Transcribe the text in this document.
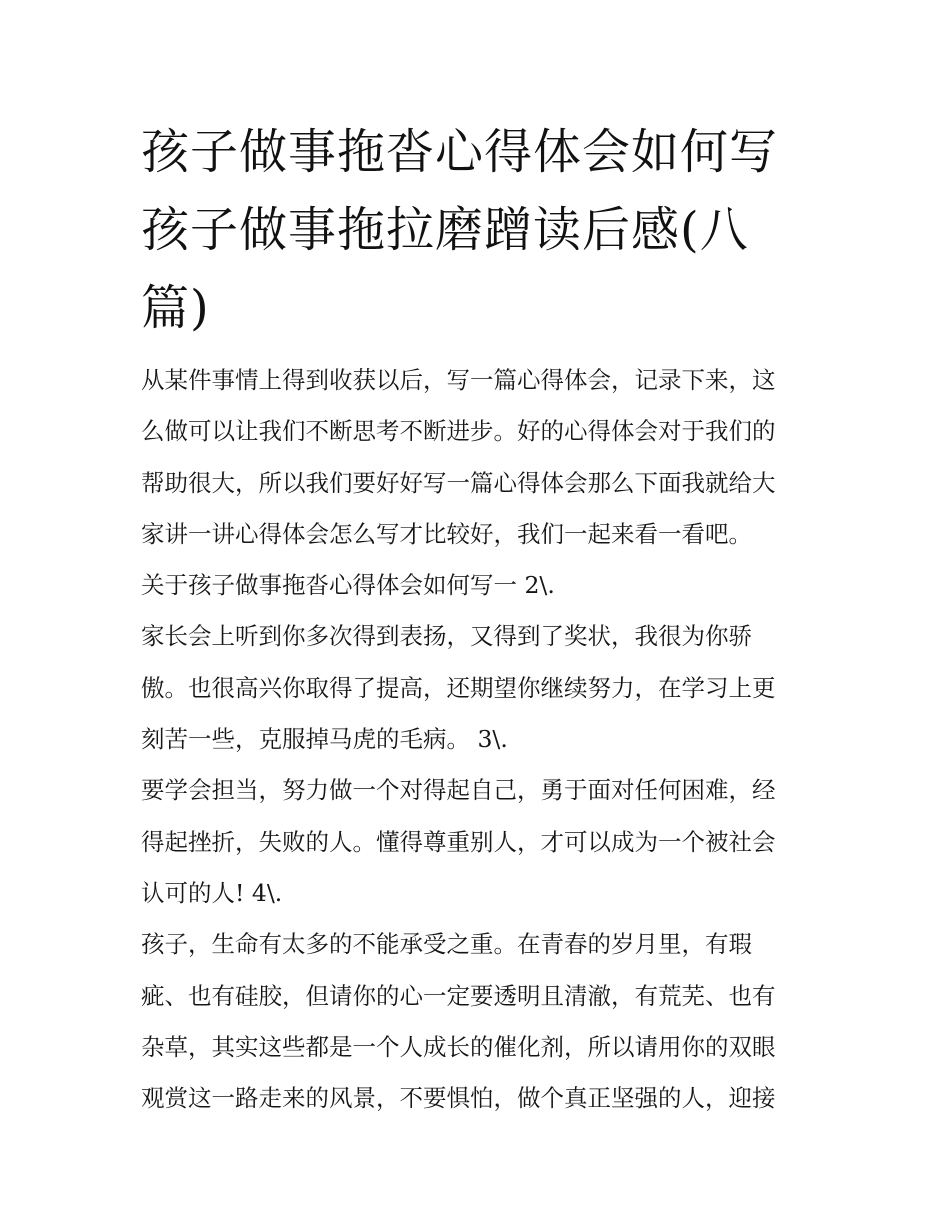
孩子做事拖沓心得体会如何写
孩子做事拖拉磨蹭读后感(八
篇)
从某件事情上得到收获以后，写一篇心得体会，记录下来，这
么做可以让我们不断思考不断进步。好的心得体会对于我们的
帮助很大，所以我们要好好写一篇心得体会那么下面我就给大
家讲一讲心得体会怎么写才比较好，我们一起来看一看吧。
关于孩子做事拖沓心得体会如何写一 2\.
家长会上听到你多次得到表扬，又得到了奖状，我很为你骄
傲。也很高兴你取得了提高，还期望你继续努力，在学习上更
刻苦一些，克服掉马虎的毛病。 3\.
要学会担当，努力做一个对得起自己，勇于面对任何困难，经
得起挫折，失败的人。懂得尊重别人，才可以成为一个被社会
认可的人! 4\.
孩子，生命有太多的不能承受之重。在青春的岁月里，有瑕
疵、也有硅胶，但请你的心一定要透明且清澈，有荒芜、也有
杂草，其实这些都是一个人成长的催化剂，所以请用你的双眼
观赏这一路走来的风景，不要惧怕，做个真正坚强的人，迎接
